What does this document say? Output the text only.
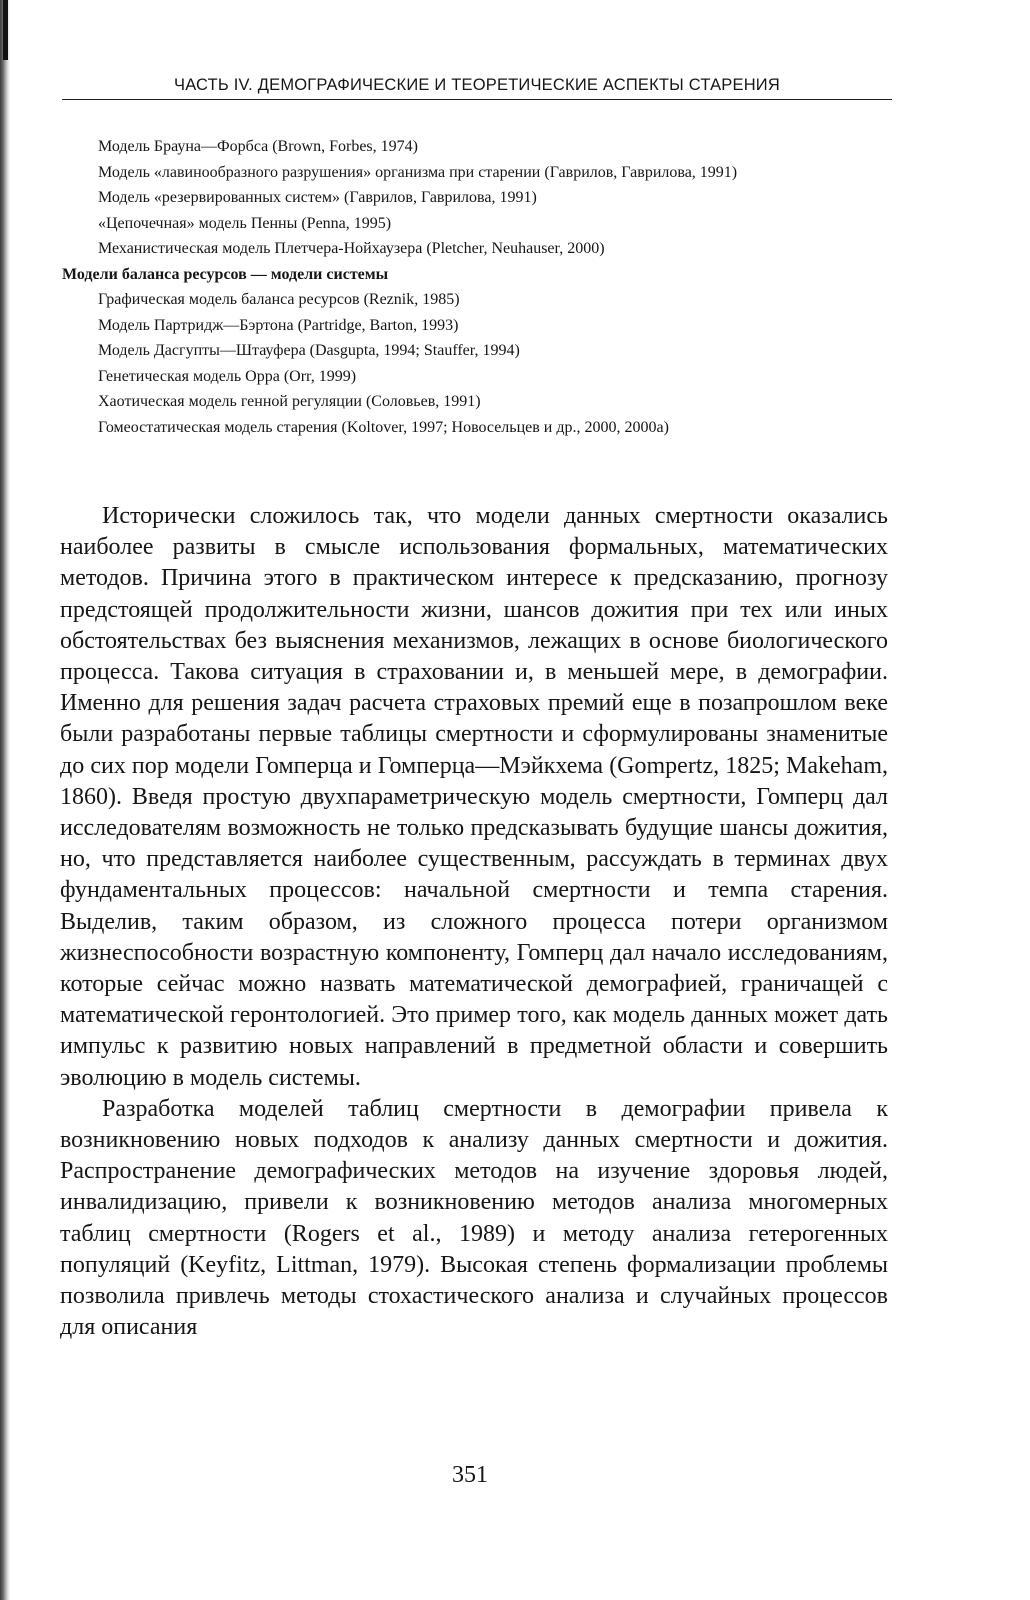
ЧАСТЬ IV. ДЕМОГРАФИЧЕСКИЕ И ТЕОРЕТИЧЕСКИЕ АСПЕКТЫ СТАРЕНИЯ
Модель Брауна—Форбса (Brown, Forbes, 1974)
Модель «лавинообразного разрушения» организма при старении (Гаврилов, Гаврилова, 1991)
Модель «резервированных систем» (Гаврилов, Гаврилова, 1991)
«Цепочечная» модель Пенны (Penna, 1995)
Механистическая модель Плетчера-Нойхаузера (Pletcher, Neuhauser, 2000)
Модели баланса ресурсов — модели системы
Графическая модель баланса ресурсов (Reznik, 1985)
Модель Партридж—Бэртона (Partridge, Barton, 1993)
Модель Дасгупты—Штауфера (Dasgupta, 1994; Stauffer, 1994)
Генетическая модель Орра (Orr, 1999)
Хаотическая модель генной регуляции (Соловьев, 1991)
Гомеостатическая модель старения (Koltover, 1997; Новосельцев и др., 2000, 2000а)

Исторически сложилось так, что модели данных смертности оказались наиболее развиты в смысле использования формальных, математических методов. Причина этого в практическом интересе к предсказанию, прогнозу предстоящей продолжительности жизни, шансов дожития при тех или иных обстоятельствах без выяснения механизмов, лежащих в основе биологического процесса. Такова ситуация в страховании и, в меньшей мере, в демографии. Именно для решения задач расчета страховых премий еще в позапрошлом веке были разработаны первые таблицы смертности и сформулированы знаменитые до сих пор модели Гомперца и Гомперца—Мэйкхема (Gompertz, 1825; Makeham, 1860). Введя простую двухпараметрическую модель смертности, Гомперц дал исследователям возможность не только предсказывать будущие шансы дожития, но, что представляется наиболее существенным, рассуждать в терминах двух фундаментальных процессов: начальной смертности и темпа старения. Выделив, таким образом, из сложного процесса потери организмом жизнеспособности возрастную компоненту, Гомперц дал начало исследованиям, которые сейчас можно назвать математической демографией, граничащей с математической геронтологией. Это пример того, как модель данных может дать импульс к развитию новых направлений в предметной области и совершить эволюцию в модель системы.

Разработка моделей таблиц смертности в демографии привела к возникновению новых подходов к анализу данных смертности и дожития. Распространение демографических методов на изучение здоровья людей, инвалидизацию, привели к возникновению методов анализа многомерных таблиц смертности (Rogers et al., 1989) и методу анализа гетерогенных популяций (Keyfitz, Littman, 1979). Высокая степень формализации проблемы позволила привлечь методы стохастического анализа и случайных процессов для описания

351
